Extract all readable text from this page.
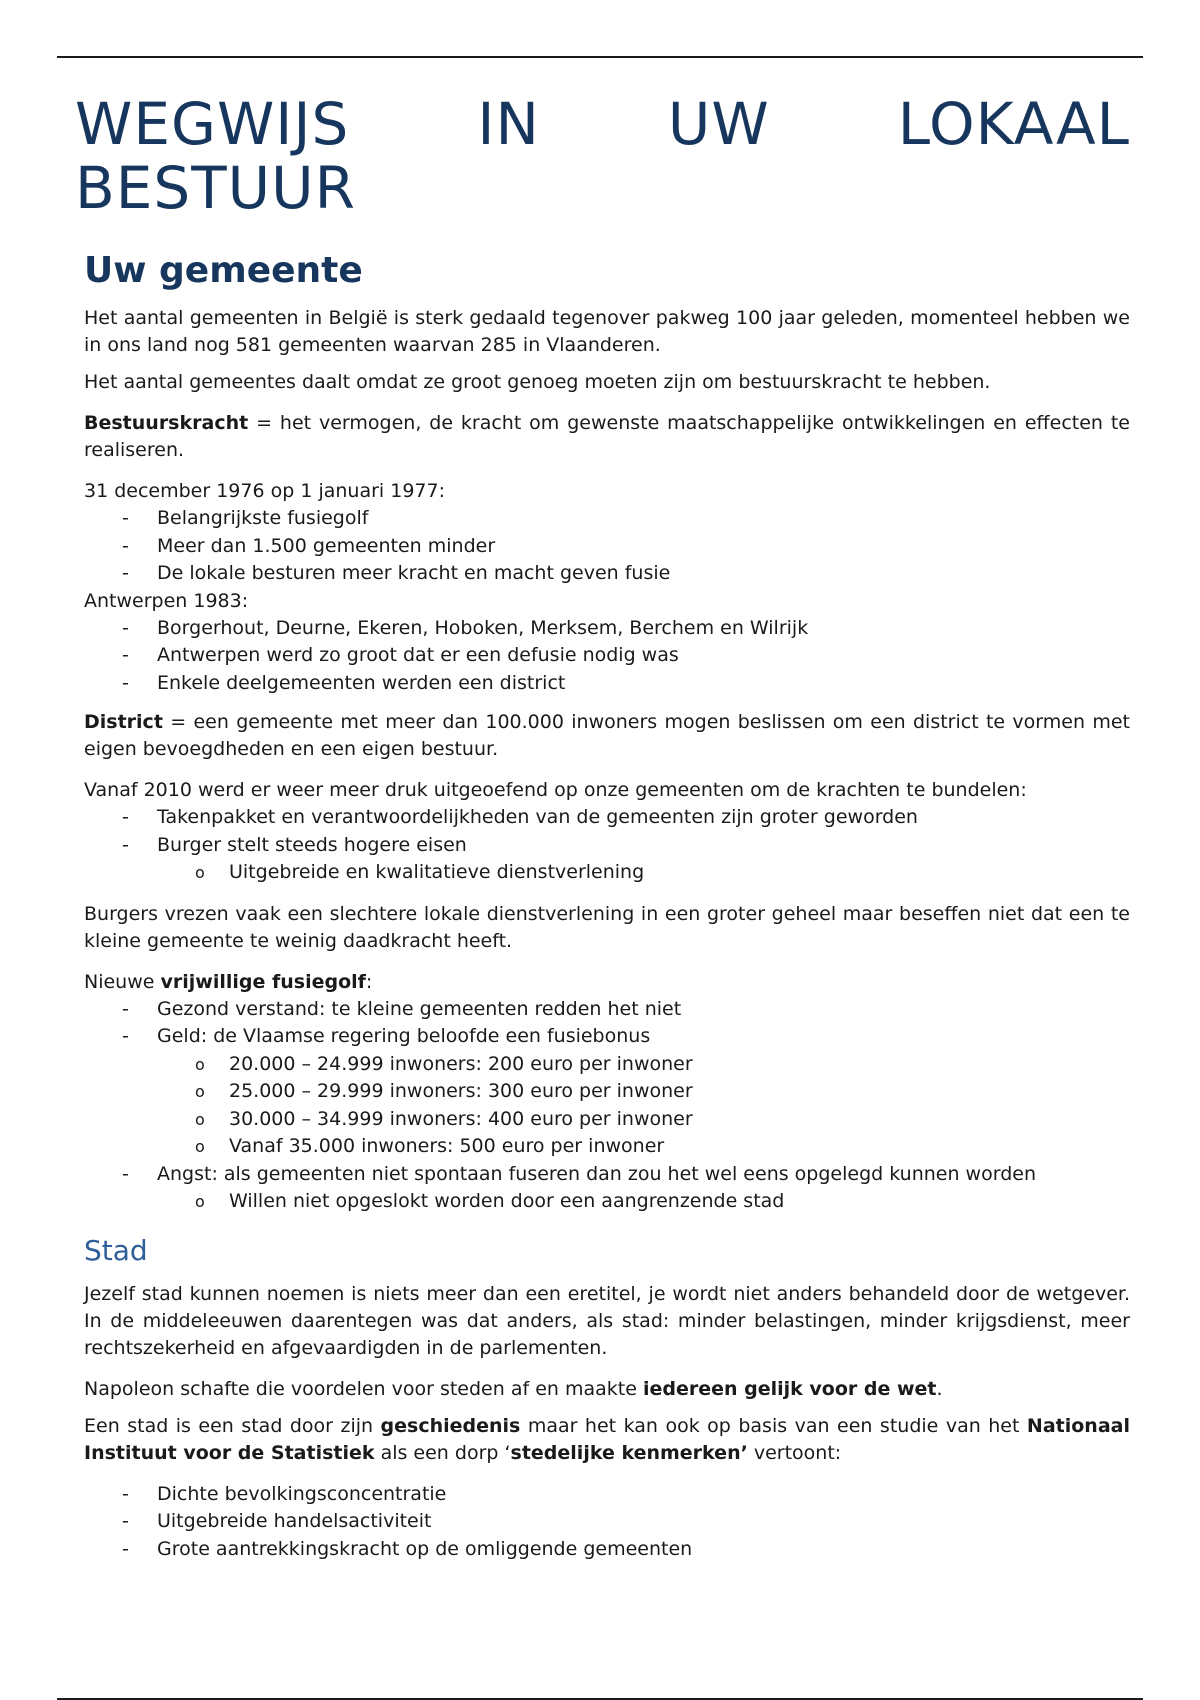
WEGWIJS IN UW LOKAAL
BESTUUR
Uw gemeente

Het aantal gemeenten in België is sterk gedaald tegenover pakweg 100 jaar geleden, momenteel hebben we in ons land nog 581 gemeenten waarvan 285 in Vlaanderen.

Het aantal gemeentes daalt omdat ze groot genoeg moeten zijn om bestuurskracht te hebben.

Bestuurskracht = het vermogen, de kracht om gewenste maatschappelijke ontwikkelingen en effecten te realiseren.

31 december 1976 op 1 januari 1977:

- Belangrijkste fusiegolf
- Meer dan 1.500 gemeenten minder
- De lokale besturen meer kracht en macht geven fusie

Antwerpen 1983:

- Borgerhout, Deurne, Ekeren, Hoboken, Merksem, Berchem en Wilrijk
- Antwerpen werd zo groot dat er een defusie nodig was
- Enkele deelgemeenten werden een district

District = een gemeente met meer dan 100.000 inwoners mogen beslissen om een district te vormen met eigen bevoegdheden en een eigen bestuur.

Vanaf 2010 werd er weer meer druk uitgeoefend op onze gemeenten om de krachten te bundelen:

- Takenpakket en verantwoordelijkheden van de gemeenten zijn groter geworden
- Burger stelt steeds hogere eisen
o Uitgebreide en kwalitatieve dienstverlening

Burgers vrezen vaak een slechtere lokale dienstverlening in een groter geheel maar beseffen niet dat een te kleine gemeente te weinig daadkracht heeft.

Nieuwe vrijwillige fusiegolf:

- Gezond verstand: te kleine gemeenten redden het niet
- Geld: de Vlaamse regering beloofde een fusiebonus
o 20.000 – 24.999 inwoners: 200 euro per inwoner
o 25.000 – 29.999 inwoners: 300 euro per inwoner
o 30.000 – 34.999 inwoners: 400 euro per inwoner
o Vanaf 35.000 inwoners: 500 euro per inwoner
- Angst: als gemeenten niet spontaan fuseren dan zou het wel eens opgelegd kunnen worden
o Willen niet opgeslokt worden door een aangrenzende stad
Stad

Jezelf stad kunnen noemen is niets meer dan een eretitel, je wordt niet anders behandeld door de wetgever. In de middeleeuwen daarentegen was dat anders, als stad: minder belastingen, minder krijgsdienst, meer rechtszekerheid en afgevaardigden in de parlementen.

Napoleon schafte die voordelen voor steden af en maakte iedereen gelijk voor de wet.

Een stad is een stad door zijn geschiedenis maar het kan ook op basis van een studie van het Nationaal Instituut voor de Statistiek als een dorp ‘stedelijke kenmerken’ vertoont:

- Dichte bevolkingsconcentratie
- Uitgebreide handelsactiviteit
- Grote aantrekkingskracht op de omliggende gemeenten
